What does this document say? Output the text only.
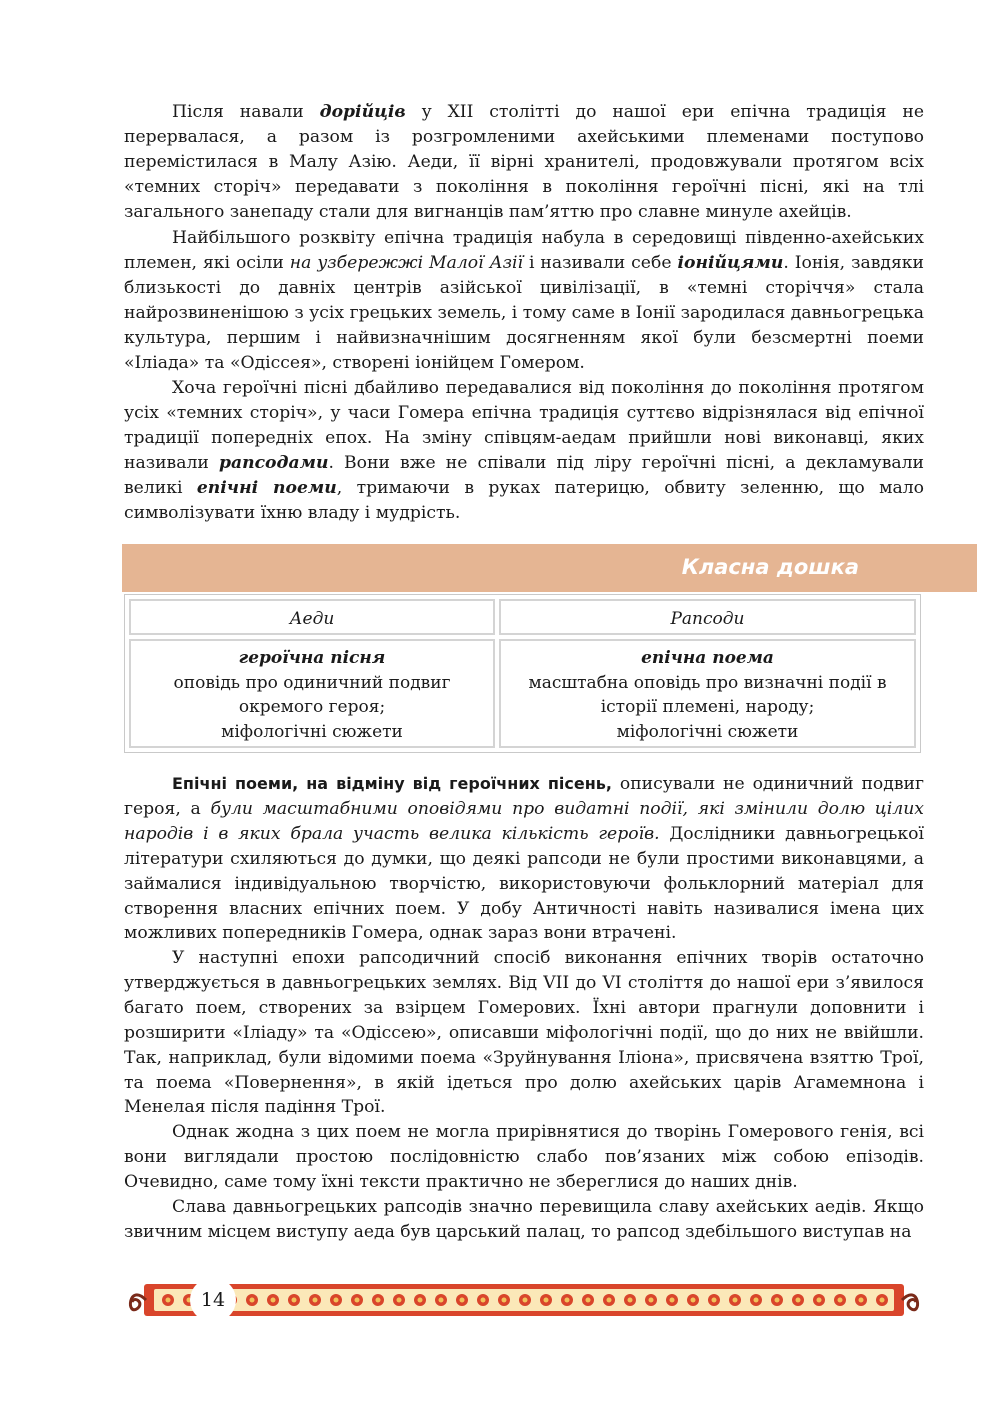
Після навали дорійців у XII столітті до нашої ери епічна традиція не перервалася, а разом із розгромленими ахейськими племенами поступово перемістилася в Малу Азію. Аеди, її вірні хранителі, продовжували протягом всіх «темних сторіч» передавати з покоління в покоління героїчні пісні, які на тлі загального занепаду стали для вигнанців пам’яттю про славне минуле ахейців.

Найбільшого розквіту епічна традиція набула в середовищі південно-ахейських племен, які осіли на узбережжі Малої Азії і називали себе іонійцями. Іонія, завдяки близькості до давніх центрів азійської цивілізації, в «темні сторіччя» стала найрозвиненішою з усіх грецьких земель, і тому саме в Іонії зародилася давньогрецька культура, першим і найвизначнішим досягненням якої були безсмертні поеми «Іліада» та «Одіссея», створені іонійцем Гомером.

Хоча героїчні пісні дбайливо передавалися від покоління до покоління протягом усіх «темних сторіч», у часи Гомера епічна традиція суттєво відрізнялася від епічної традиції попередніх епох. На зміну співцям-аедам прийшли нові виконавці, яких називали рапсодами. Вони вже не співали під ліру героїчні пісні, а декламували великі епічні поеми, тримаючи в руках патерицю, обвиту зеленню, що мало символізувати їхню владу і мудрість.

Класна дошка

Аеди	Рапсоди
героїчна пісня
оповідь про одиничний подвиг
окремого героя;
міфологічні сюжети
епічна поема
масштабна оповідь про визначні події в
історії племені, народу;
міфологічні сюжети

Епічні поеми, на відміну від героїчних пісень, описували не одиничний подвиг героя, а були масштабними оповідями про видатні події, які змінили долю цілих народів і в яких брала участь велика кількість героїв. Дослідники давньогрецької літератури схиляються до думки, що деякі рапсоди не були простими виконавцями, а займалися індивідуальною творчістю, використовуючи фольклорний матеріал для створення власних епічних поем. У добу Античності навіть називалися імена цих можливих попередників Гомера, однак зараз вони втрачені.

У наступні епохи рапсодичний спосіб виконання епічних творів остаточно утверджується в давньогрецьких землях. Від VII до VI століття до нашої ери з’явилося багато поем, створених за взірцем Гомерових. Їхні автори прагнули доповнити і розширити «Іліаду» та «Одіссею», описавши міфологічні події, що до них не ввійшли. Так, наприклад, були відомими поема «Зруйнування Іліона», присвячена взяттю Трої, та поема «Повернення», в якій ідеться про долю ахейських царів Агамемнона і Менелая після падіння Трої.

Однак жодна з цих поем не могла прирівнятися до творінь Гомерового генія, всі вони виглядали простою послідовністю слабо пов’язаних між собою епізодів. Очевидно, саме тому їхні тексти практично не збереглися до наших днів.

Слава давньогрецьких рапсодів значно перевищила славу ахейських аедів. Якщо звичним місцем виступу аеда був царський палац, то рапсод здебільшого виступав на

14
